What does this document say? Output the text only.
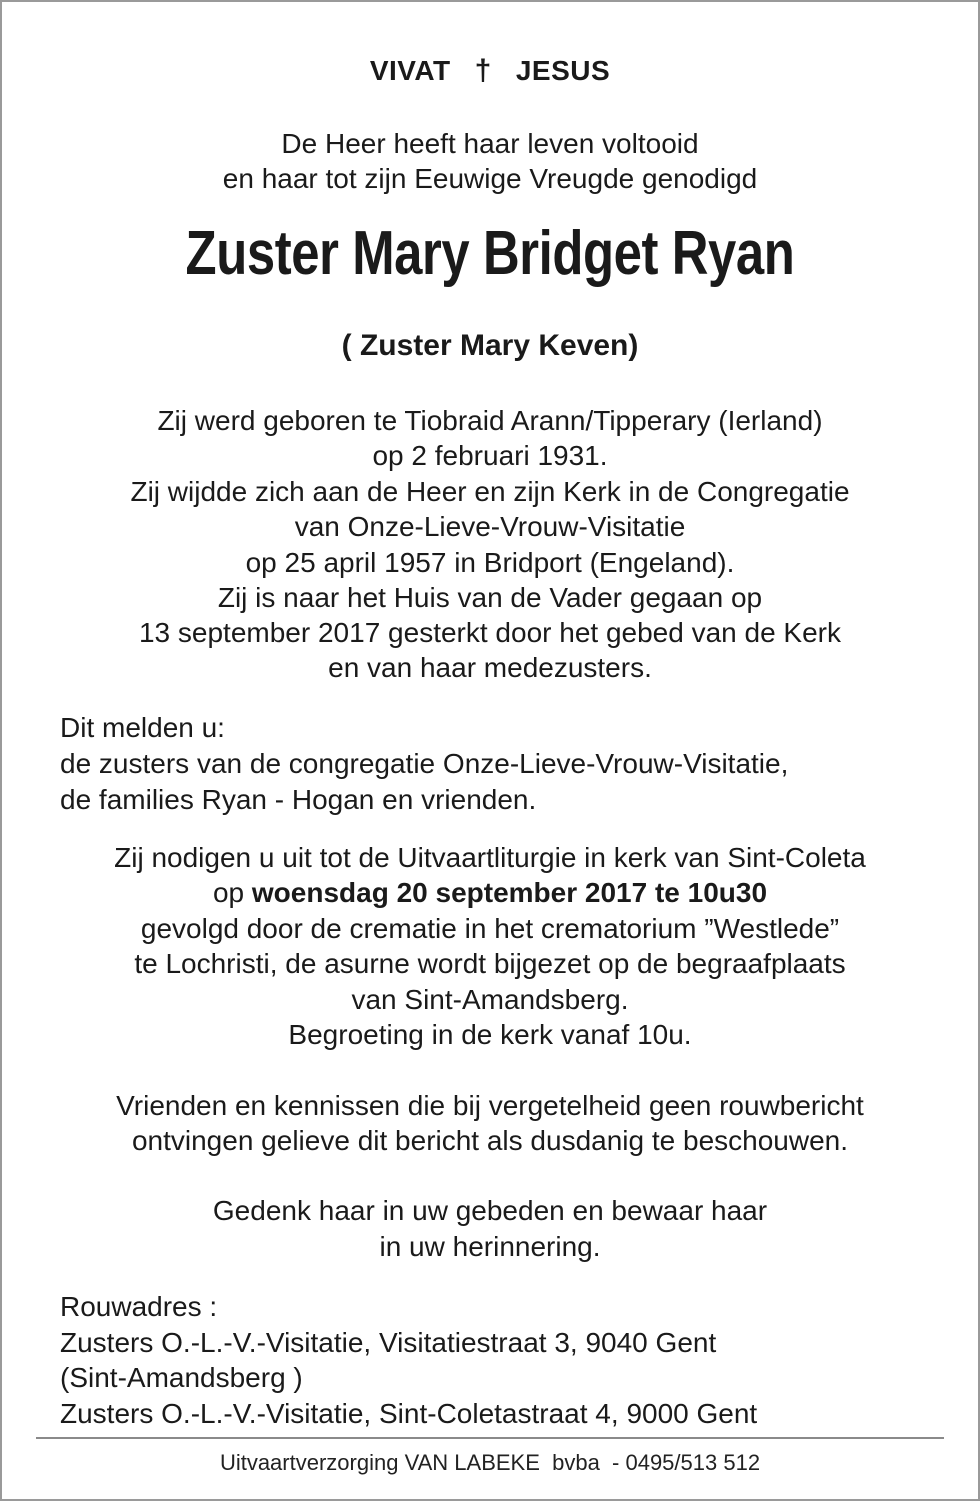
VIVAT † JESUS
De Heer heeft haar leven voltooid
en haar tot zijn Eeuwige Vreugde genodigd
Zuster Mary Bridget Ryan
( Zuster Mary Keven)
Zij werd geboren te Tiobraid Arann/Tipperary (Ierland)
op 2 februari 1931.
Zij wijdde zich aan de Heer en zijn Kerk in de Congregatie
van Onze-Lieve-Vrouw-Visitatie
op 25 april 1957 in Bridport (Engeland).
Zij is naar het Huis van de Vader gegaan op
13 september 2017 gesterkt door het gebed van de Kerk
en van haar medezusters.
Dit melden u:
de zusters van de congregatie Onze-Lieve-Vrouw-Visitatie,
de families Ryan - Hogan en vrienden.
Zij nodigen u uit tot de Uitvaartliturgie in kerk van Sint-Coleta
op woensdag 20 september 2017 te 10u30
gevolgd door de crematie in het crematorium ”Westlede”
te Lochristi, de asurne wordt bijgezet op de begraafplaats
van Sint-Amandsberg.
Begroeting in de kerk vanaf 10u.
Vrienden en kennissen die bij vergetelheid geen rouwbericht
ontvingen gelieve dit bericht als dusdanig te beschouwen.
Gedenk haar in uw gebeden en bewaar haar
in uw herinnering.
Rouwadres :
Zusters O.-L.-V.-Visitatie, Visitatiestraat 3, 9040 Gent
(Sint-Amandsberg )
Zusters O.-L.-V.-Visitatie, Sint-Coletastraat 4, 9000 Gent
Uitvaartverzorging VAN LABEKE  bvba  - 0495/513 512
